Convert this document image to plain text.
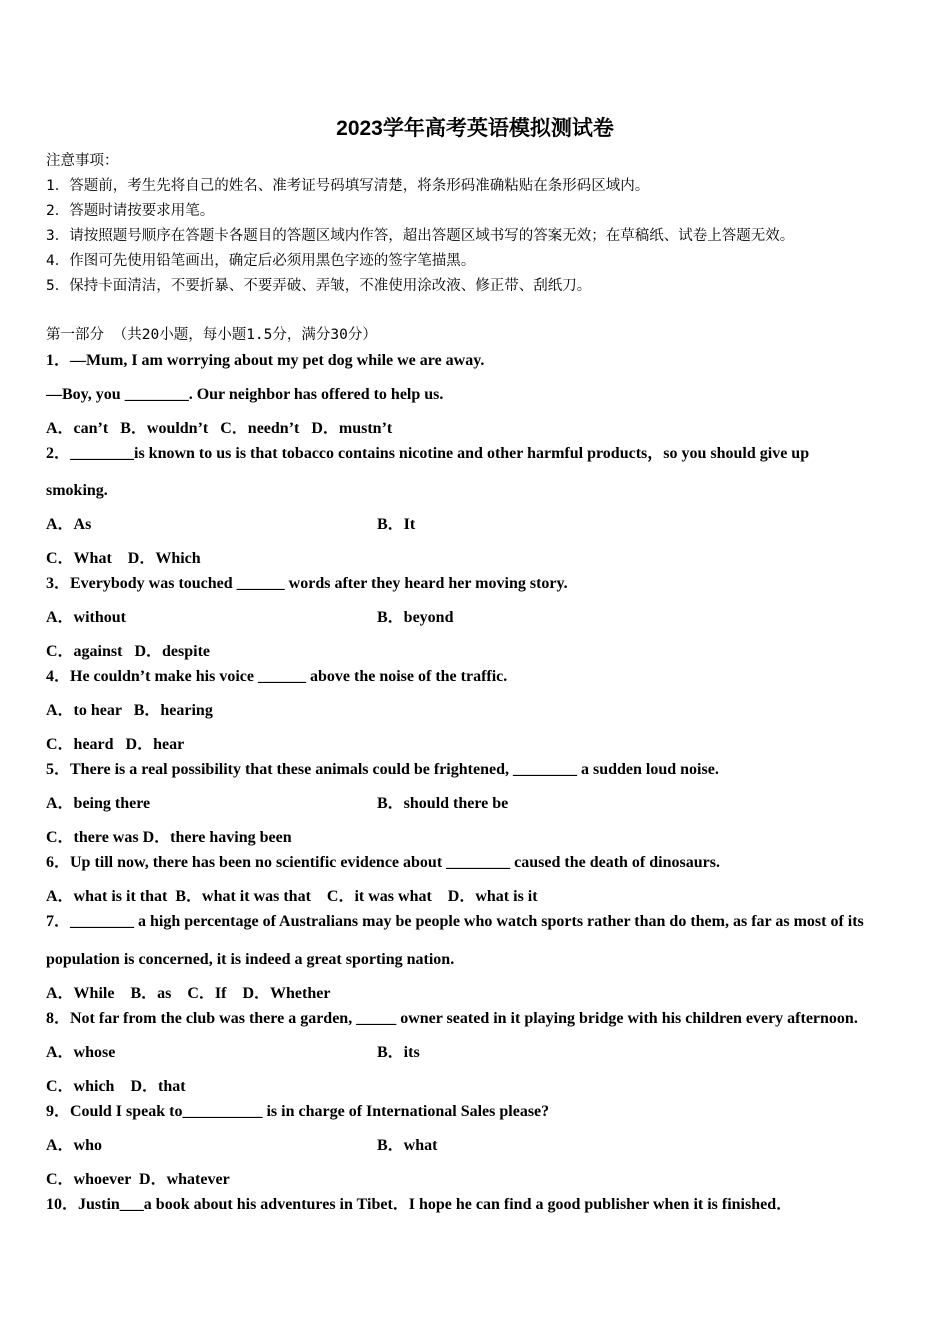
2023学年高考英语模拟测试卷
注意事项：
1．答题前，考生先将自己的姓名、准考证号码填写清楚，将条形码准确粘贴在条形码区域内。
2．答题时请按要求用笔。
3．请按照题号顺序在答题卡各题目的答题区域内作答，超出答题区域书写的答案无效；在草稿纸、试卷上答题无效。
4．作图可先使用铅笔画出，确定后必须用黑色字迹的签字笔描黑。
5．保持卡面清洁，不要折暴、不要弄破、弄皱，不准使用涂改液、修正带、刮纸刀。
第一部分 （共20小题，每小题1.5分，满分30分）
1．—Mum, I am worrying about my pet dog while we are away.
—Boy, you ________. Our neighbor has offered to help us.
A．can’t   B．wouldn’t   C．needn’t   D．mustn’t
2．________is known to us is that tobacco contains nicotine and other harmful products，so you should give up
smoking.
A．As	B．It
C．What    D．Which
3．Everybody was touched ______ words after they heard her moving story.
A．without	B．beyond
C．against   D．despite
4．He couldn’t make his voice ______ above the noise of the traffic.
A．to hear   B．hearing
C．heard   D．hear
5．There is a real possibility that these animals could be frightened, ________ a sudden loud noise.
A．being there	B．should there be
C．there was D．there having been
6．Up till now, there has been no scientific evidence about ________ caused the death of dinosaurs.
A．what is it that  B．what it was that    C．it was what    D．what is it
7．________ a high percentage of Australians may be people who watch sports rather than do them, as far as most of its
population is concerned, it is indeed a great sporting nation.
A．While    B．as    C．If    D．Whether
8．Not far from the club was there a garden, _____ owner seated in it playing bridge with his children every afternoon.
A．whose	B．its
C．which    D．that
9．Could I speak to__________ is in charge of International Sales please?
A．who	B．what
C．whoever  D．whatever
10．Justin___a book about his adventures in Tibet．I hope he can find a good publisher when it is finished．
